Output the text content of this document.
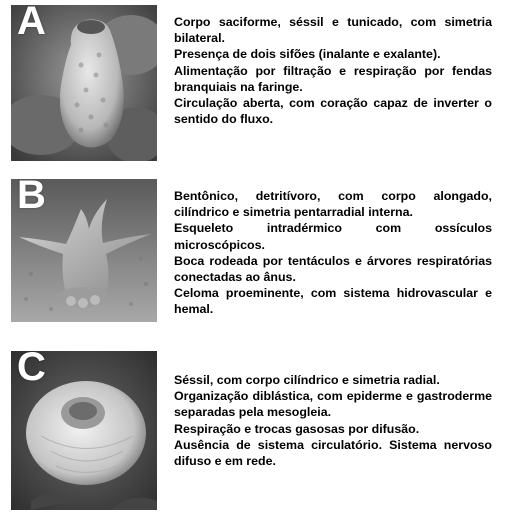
A	Corpo saciforme, séssil e tunicado, com simetria bilateral.

Presença de dois sifões (inalante e exalante).

Alimentação por filtração e respiração por fendas branquiais na faringe.

Circulação aberta, com coração capaz de inverter o sentido do fluxo.

B	Bentônico, detritívoro, com corpo alongado, cilíndrico e simetria pentarradial interna.

Esqueleto intradérmico com ossículos microscópicos.

Boca rodeada por tentáculos e árvores respiratórias conectadas ao ânus.

Celoma proeminente, com sistema hidrovascular e hemal.

C	Séssil, com corpo cilíndrico e simetria radial.

Organização diblástica, com epiderme e gastroderme separadas pela mesogleia.

Respiração e trocas gasosas por difusão.

Ausência de sistema circulatório. Sistema nervoso difuso e em rede.
